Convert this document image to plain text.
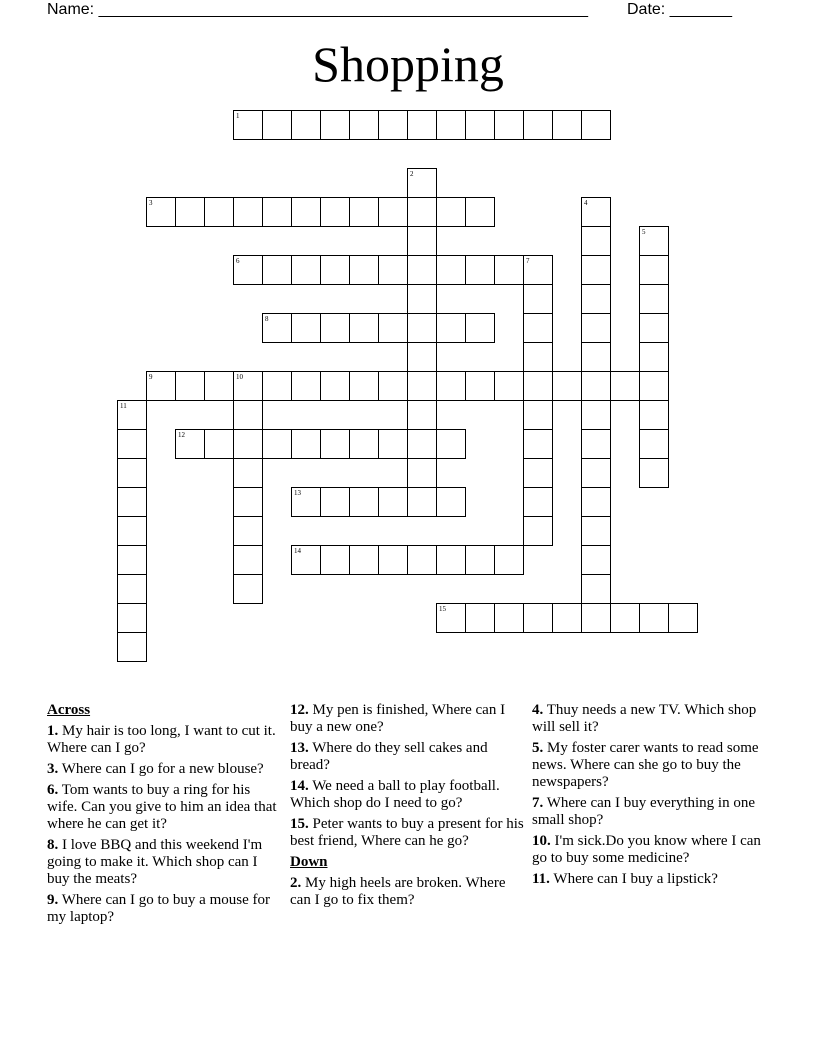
Name: _______________________________________________________ Date: _______
Shopping
1
2
3	4
5
6	7
8
9	10
11
12
13
14
15
Across
1. My hair is too long, I want to cut it. Where can I go?
3. Where can I go for a new blouse?
6. Tom wants to buy a ring for his wife. Can you give to him an idea that where he can get it?
8. I love BBQ and this weekend I'm going to make it. Which shop can I buy the meats?
9. Where can I go to buy a mouse for my laptop?
12. My pen is finished, Where can I buy a new one?
13. Where do they sell cakes and bread?
14. We need a ball to play football. Which shop do I need to go?
15. Peter wants to buy a present for his best friend, Where can he go?
Down
2. My high heels are broken. Where can I go to fix them?
4. Thuy needs a new TV. Which shop will sell it?
5. My foster carer wants to read some news. Where can she go to buy the newspapers?
7. Where can I buy everything in one small shop?
10. I'm sick.Do you know where I can go to buy some medicine?
11. Where can I buy a lipstick?
